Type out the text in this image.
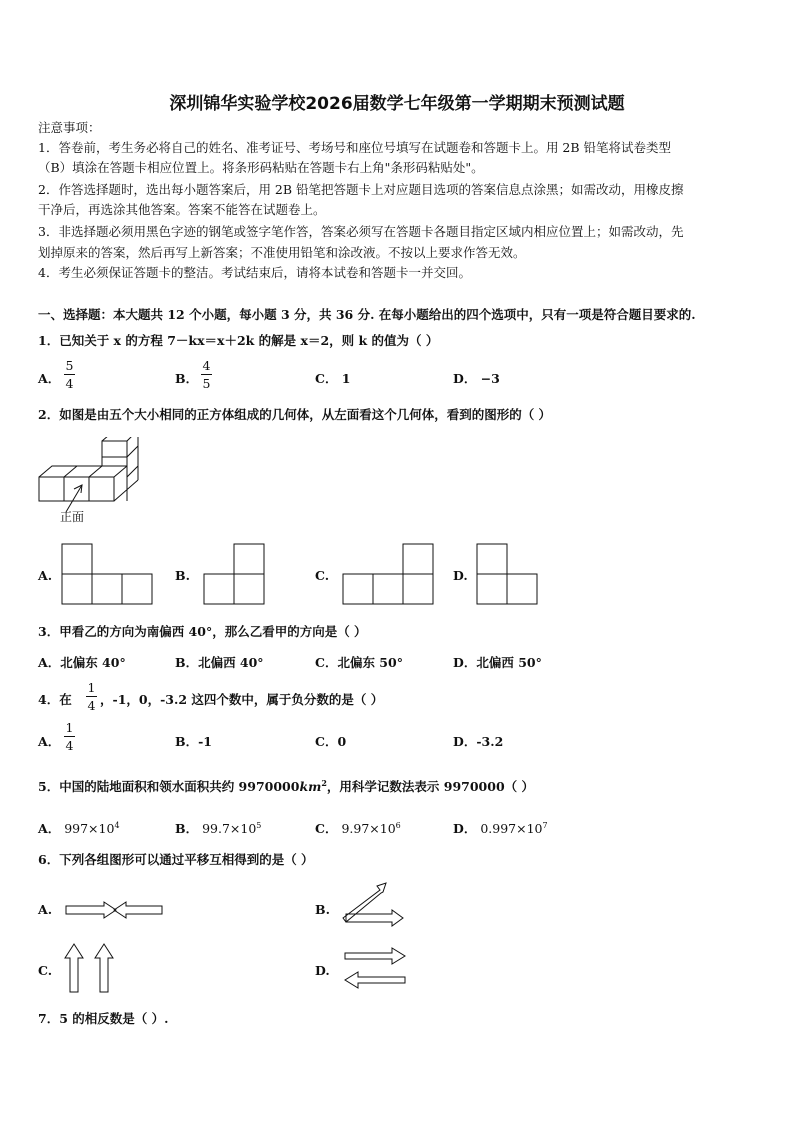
深圳锦华实验学校2026届数学七年级第一学期期末预测试题
注意事项：
1．答卷前，考生务必将自己的姓名、准考证号、考场号和座位号填写在试题卷和答题卡上。用 2B 铅笔将试卷类型
（B）填涂在答题卡相应位置上。将条形码粘贴在答题卡右上角"条形码粘贴处"。
2．作答选择题时，选出每小题答案后，用 2B 铅笔把答题卡上对应题目选项的答案信息点涂黑；如需改动，用橡皮擦
干净后，再选涂其他答案。答案不能答在试题卷上。
3．非选择题必须用黑色字迹的钢笔或签字笔作答，答案必须写在答题卡各题目指定区域内相应位置上；如需改动，先
划掉原来的答案，然后再写上新答案；不准使用铅笔和涂改液。不按以上要求作答无效。
4．考生必须保证答题卡的整洁。考试结束后，请将本试卷和答题卡一并交回。
一、选择题：本大题共 12 个小题，每小题 3 分，共 36 分. 在每小题给出的四个选项中，只有一项是符合题目要求的.
1．已知关于 x 的方程 7－kx＝x＋2k 的解是 x＝2，则 k 的值为（ ）
A．
5
4	B．
4
5	C． 1	D． −3
2．如图是由五个大小相同的正方体组成的几何体，从左面看这个几何体，看到的图形的（ ）
正面
A.	B.	C.	D.
3．甲看乙的方向为南偏西 40°，那么乙看甲的方向是（ ）
A．北偏东 40°	B．北偏西 40°	C．北偏东 50°	D．北偏西 50°
4．在
1
4 ，-1，0，-3.2 这四个数中，属于负分数的是（ ）
A．
1
4	B．-1	C．0	D．-3.2
5．中国的陆地面积和领水面积共约 $9970000km^2$，用科学记数法表示 9970000（ ）
A． $997\times 10^4$	B． $99.7\times 10^5$	C． $9.97\times 10^6$	D． $0.997\times 10^7$
6．下列各组图形可以通过平移互相得到的是（ ）
A.	B.
C.	D.
7．5 的相反数是（ ）.
